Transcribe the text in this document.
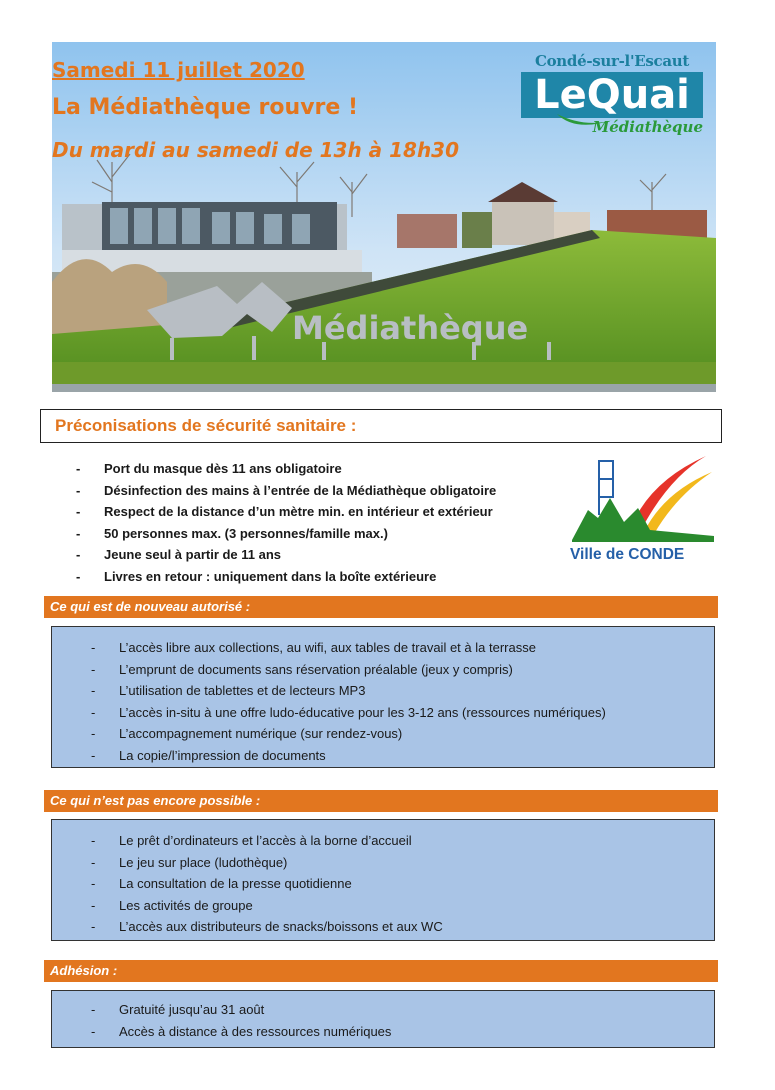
Médiathèque
Samedi 11 juillet 2020
La Médiathèque rouvre !
Du mardi au samedi de 13h à 18h30
Condé-sur-l'Escaut
LeQuai
Médiathèque
Préconisations de sécurité sanitaire :
- Port du masque dès 11 ans obligatoire
- Désinfection des mains à l’entrée de la Médiathèque obligatoire
- Respect de la distance d’un mètre min. en intérieur et extérieur
- 50 personnes max. (3 personnes/famille max.)
- Jeune seul à partir de 11 ans
- Livres en retour : uniquement dans la boîte extérieure
Ville de CONDE
Ce qui est de nouveau autorisé :
- L’accès libre aux collections, au wifi, aux tables de travail et à la terrasse
- L’emprunt de documents sans réservation préalable (jeux y compris)
- L’utilisation de tablettes et de lecteurs MP3
- L’accès in-situ à une offre ludo-éducative pour les 3-12 ans (ressources numériques)
- L’accompagnement numérique (sur rendez-vous)
- La copie/l’impression de documents
Ce qui n’est pas encore possible :
- Le prêt d’ordinateurs et l’accès à la borne d’accueil
- Le jeu sur place (ludothèque)
- La consultation de la presse quotidienne
- Les activités de groupe
- L’accès aux distributeurs de snacks/boissons et aux WC
Adhésion :
- Gratuité jusqu’au 31 août
- Accès à distance à des ressources numériques
